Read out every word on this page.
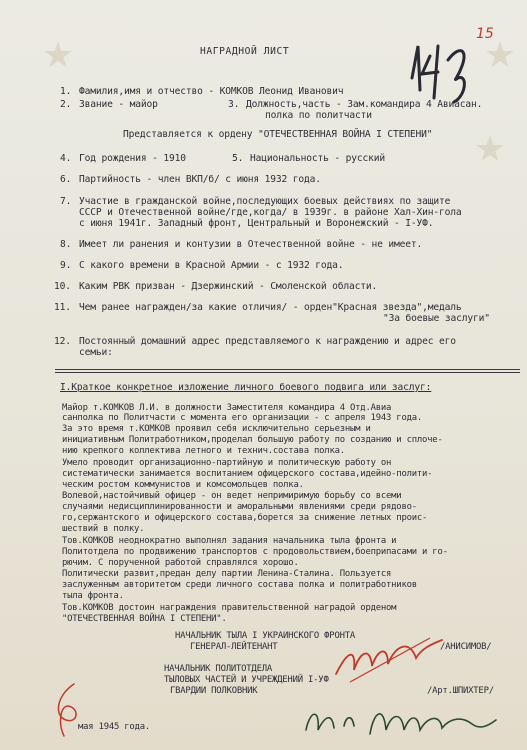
★	★
★
НАГРАДНОЙ ЛИСТ
15
1. Фамилия,имя и отчество - КОМКОВ Леонид Иванович
2. Звание - майор	3. Должность,часть - Зам.командира 4 Авиасан.
полка по политчасти
Представляется к ордену "ОТЕЧЕСТВЕННАЯ ВОЙНА I СТЕПЕНИ"
4. Год рождения - 1910	5. Национальность - русский
6. Партийность - член ВКП/б/ с июня 1932 года.
7. Участие в гражданской войне,последующих боевых действиях по защите
СССР и Отечественной войне/где,когда/ в 1939г. в районе Хал-Хин-гола
с июня 1941г. Западный фронт, Центральный и Воронежский - I-УФ.
8. Имеет ли ранения и контузии в Отечественной войне - не имеет.
9. С какого времени в Красной Армии - с 1932 года.
10. Каким РВК призван - Дзержинский - Смоленской области.
11. Чем ранее награжден/за какие отличия/ - орден"Красная звезда",медаль
"За боевые заслуги"
12. Постоянный домашний адрес представляемого к награждению и адрес его
семьи:
I.Краткое конкретное изложение личного боевого подвига или заслуг:
Майор т.КОМКОВ Л.И. в должности Заместителя командира 4 Отд.Авиа
санполка по Политчасти с момента его организации - с апреля 1943 года.
За это время т.КОМКОВ проявил себя исключительно серьезным и
инициативным Политработником,проделал большую работу по созданию и сплоче-
нию крепкого коллектива летного и технич.состава полка.
Умело проводит организационно-партийную и политическую работу он
систематически занимается воспитанием офицерского состава,идейно-полити-
ческим ростом коммунистов и комсомольцев полка.
Волевой,настойчивый офицер - он ведет непримиримую борьбу со всеми
случаями недисциплинированности и аморальными явлениями среди рядово-
го,сержантского и офицерского состава,борется за снижение летных проис-
шествий в полку.
Тов.КОМКОВ неоднократно выполнял задания начальника тыла фронта и
Политотдела по продвижению транспортов с продовольствием,боеприпасами и го-
рючим. С порученной работой справлялся хорошо.
Политически развит,предан делу партии Ленина-Сталина. Пользуется
заслуженным авторитетом среди личного состава полка и политработников
тыла фронта.
Тов.КОМКОВ достоин награждения правительственной наградой орденом
"ОТЕЧЕСТВЕННАЯ ВОЙНА I СТЕПЕНИ".
НАЧАЛЬНИК ТЫЛА I УКРАИНСКОГО ФРОНТА
ГЕНЕРАЛ-ЛЕЙТЕНАНТ	/АНИСИМОВ/
НАЧАЛЬНИК ПОЛИТОТДЕЛА
ТЫЛОВЫХ ЧАСТЕЙ И УЧРЕЖДЕНИЙ I-УФ
ГВАРДИИ ПОЛКОВНИК	/Арт.ШПИХТЕР/
мая 1945 года.
